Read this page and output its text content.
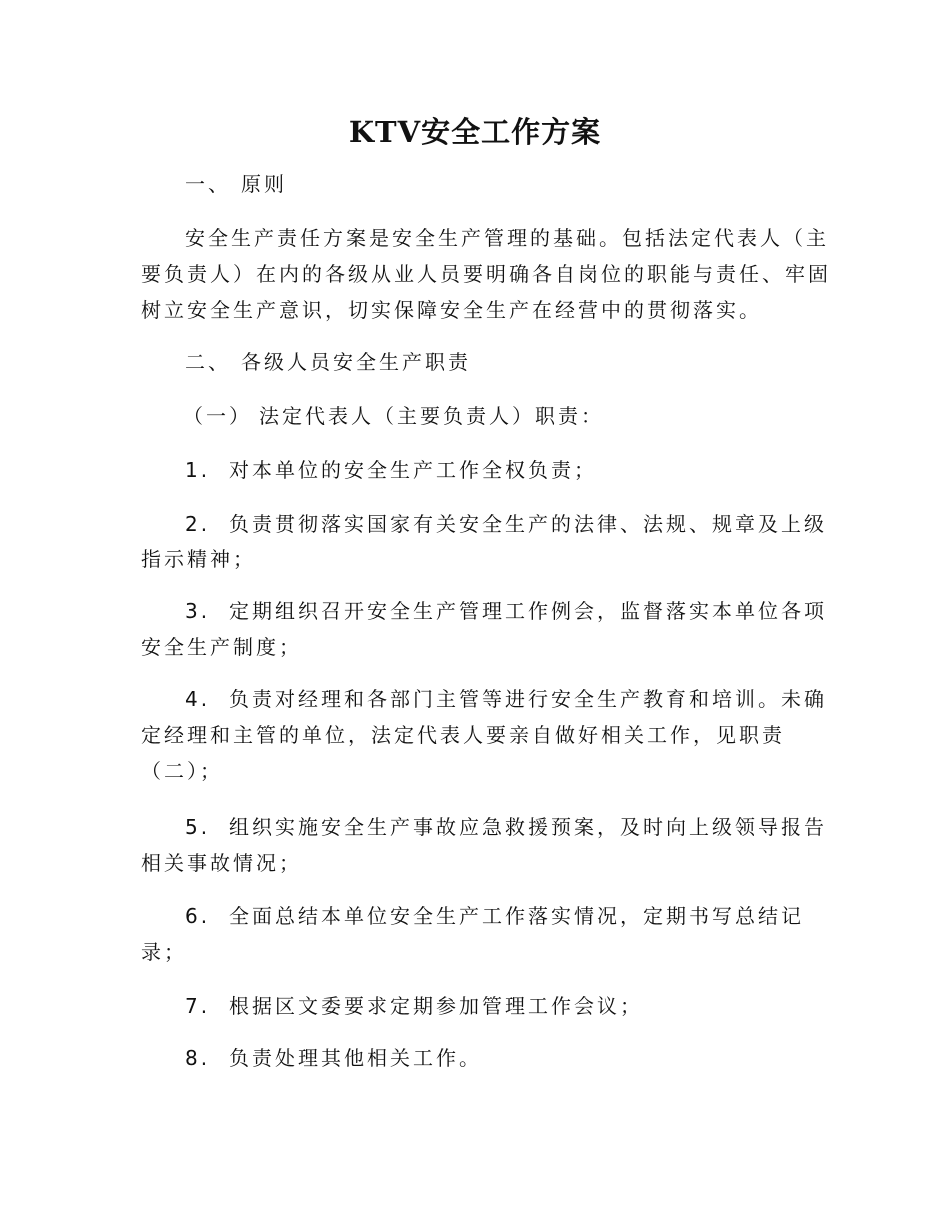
KTV安全工作方案
一、 原则
安全生产责任方案是安全生产管理的基础。包括法定代表人（主
要负责人）在内的各级从业人员要明确各自岗位的职能与责任、牢固
树立安全生产意识，切实保障安全生产在经营中的贯彻落实。
二、 各级人员安全生产职责
（一） 法定代表人（主要负责人）职责：
1. 对本单位的安全生产工作全权负责；
2. 负责贯彻落实国家有关安全生产的法律、法规、规章及上级
指示精神；
3. 定期组织召开安全生产管理工作例会，监督落实本单位各项
安全生产制度；
4. 负责对经理和各部门主管等进行安全生产教育和培训。未确
定经理和主管的单位，法定代表人要亲自做好相关工作，见职责
（二）；
5. 组织实施安全生产事故应急救援预案，及时向上级领导报告
相关事故情况；
6. 全面总结本单位安全生产工作落实情况，定期书写总结记
录；
7. 根据区文委要求定期参加管理工作会议；
8. 负责处理其他相关工作。
